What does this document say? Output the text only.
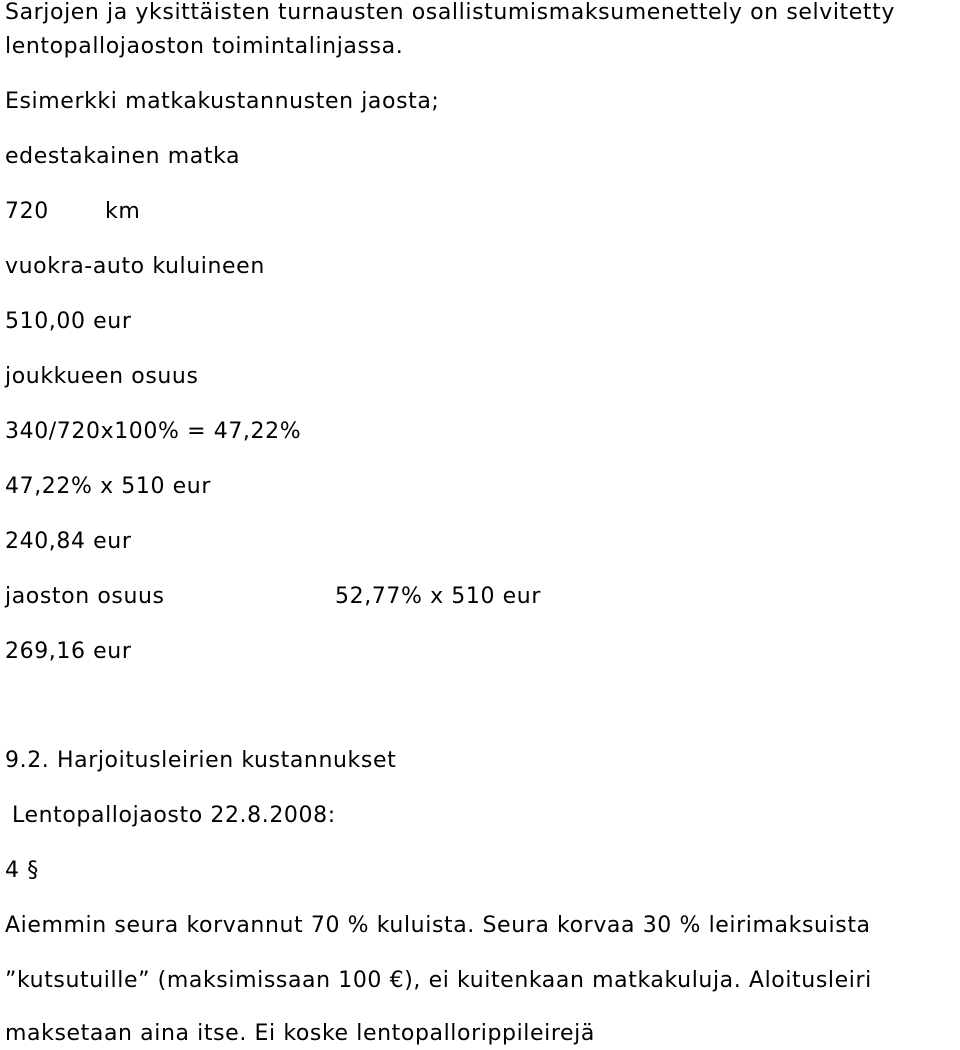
Sarjojen ja yksittäisten turnausten osallistumismaksumenettely on selvitetty

lentopallojaoston toimintalinjassa.

Esimerkki matkakustannusten jaosta;

edestakainen matka

720	km

vuokra-auto kuluineen

510,00 eur

joukkueen osuus

340/720x100% = 47,22%

47,22% x 510 eur

240,84 eur

jaoston osuus	52,77% x 510 eur

269,16 eur

9.2. Harjoitusleirien kustannukset

Lentopallojaosto 22.8.2008:

4 §

Aiemmin seura korvannut 70 % kuluista. Seura korvaa 30 % leirimaksuista

”kutsutuille” (maksimissaan 100 €), ei kuitenkaan matkakuluja. Aloitusleiri

maksetaan aina itse. Ei koske lentopallorippileirejä
